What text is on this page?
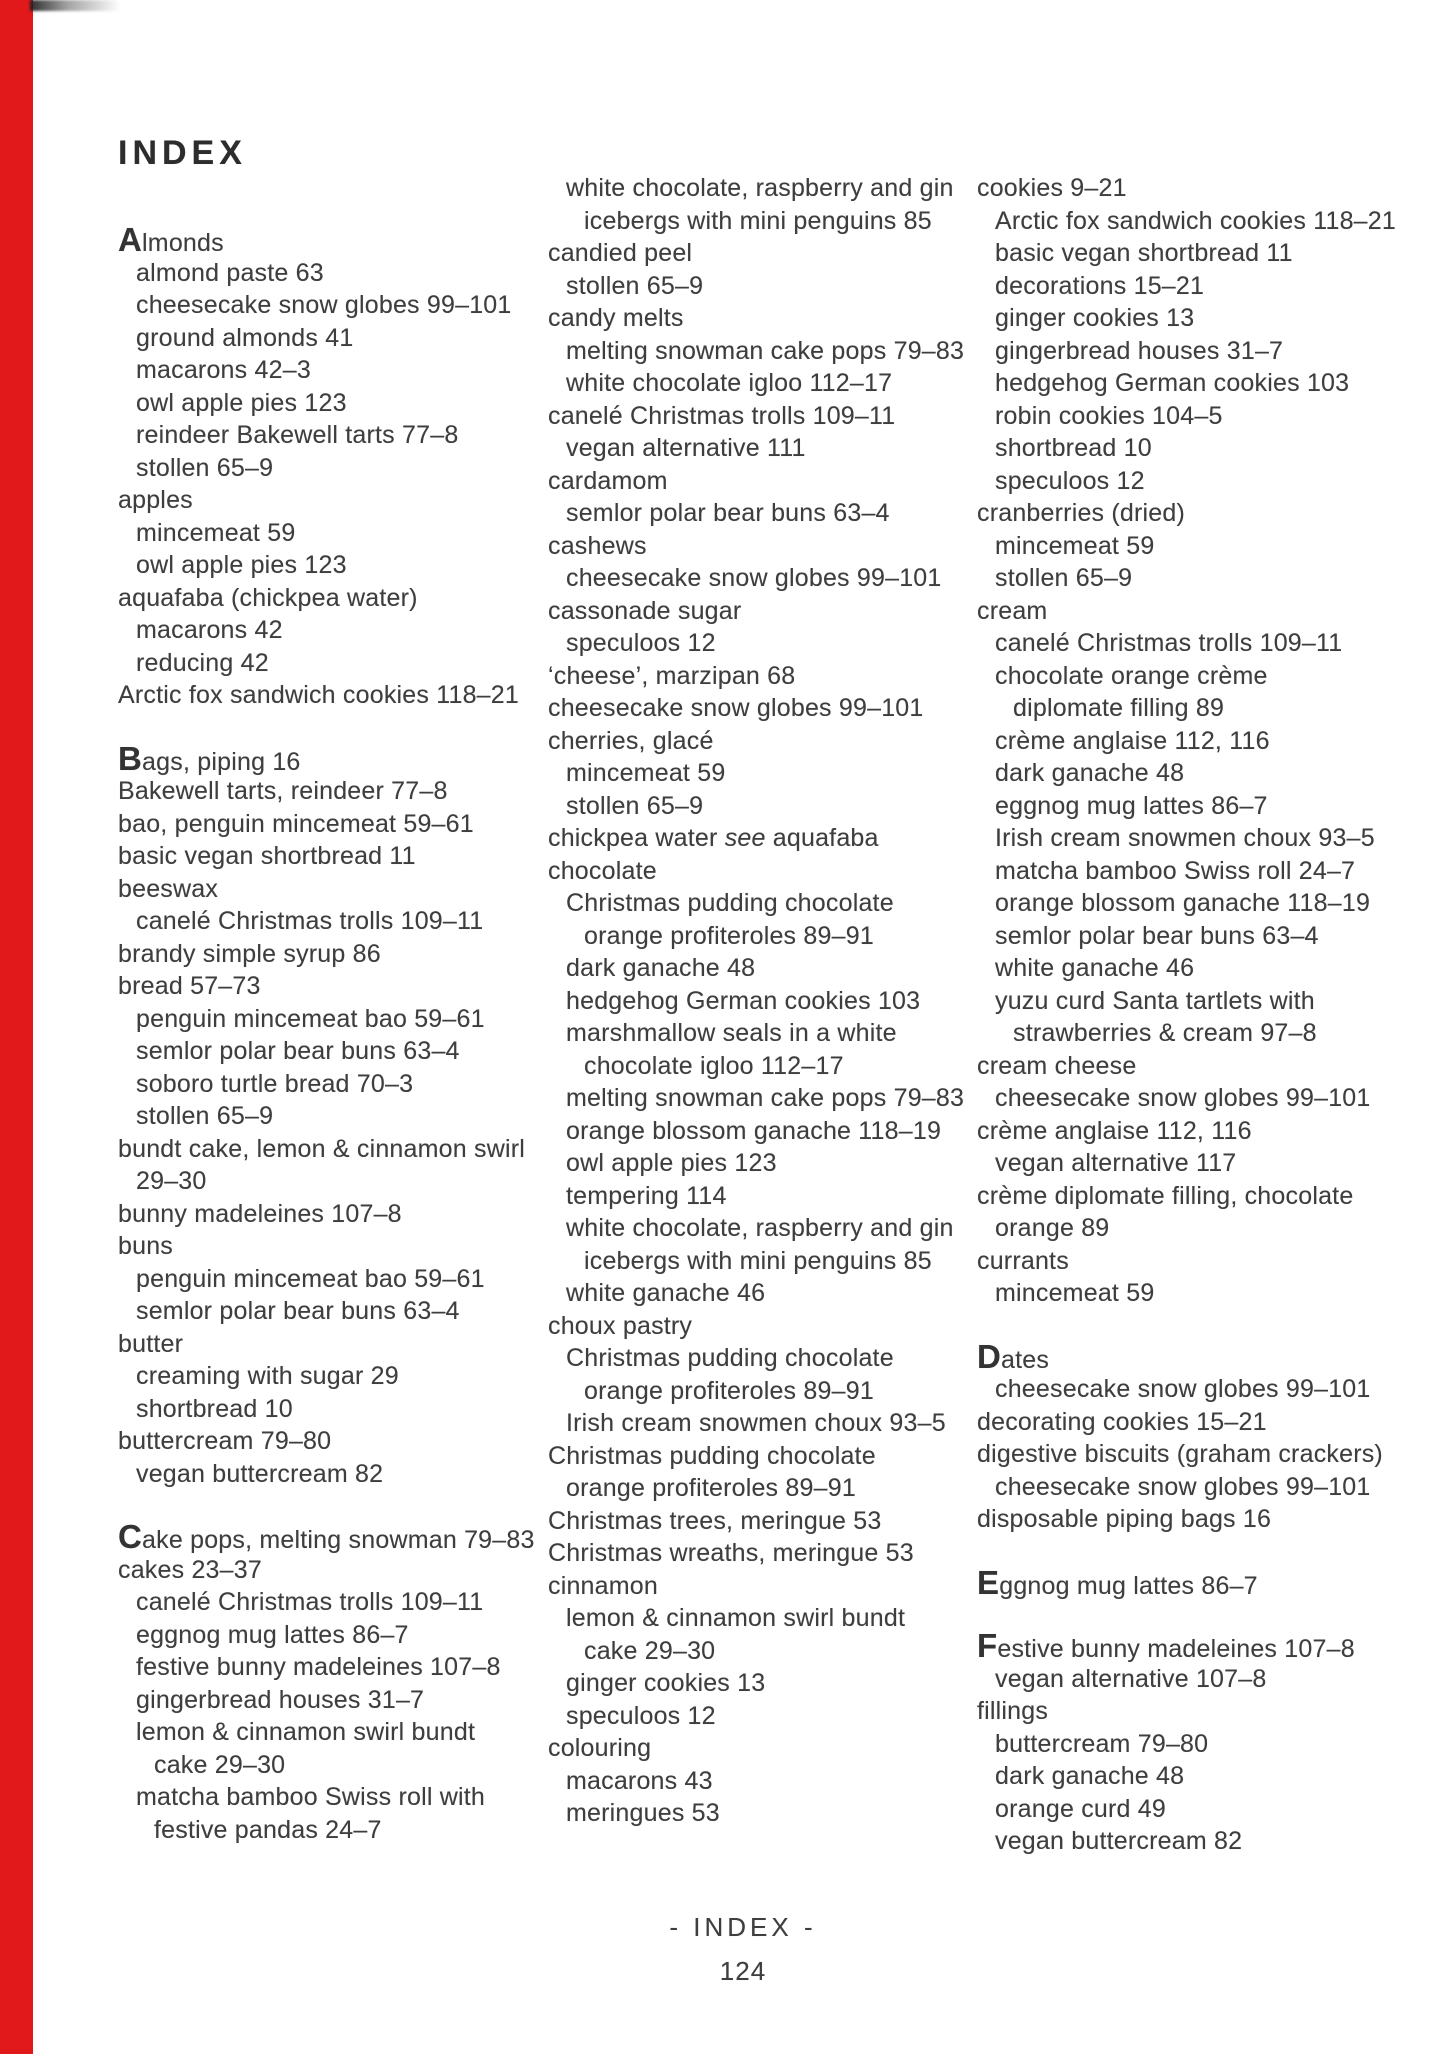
INDEX
Almonds
almond paste 63
cheesecake snow globes 99–101
ground almonds 41
macarons 42–3
owl apple pies 123
reindeer Bakewell tarts 77–8
stollen 65–9
apples
mincemeat 59
owl apple pies 123
aquafaba (chickpea water)
macarons 42
reducing 42
Arctic fox sandwich cookies 118–21
Bags, piping 16
Bakewell tarts, reindeer 77–8
bao, penguin mincemeat 59–61
basic vegan shortbread 11
beeswax
canelé Christmas trolls 109–11
brandy simple syrup 86
bread 57–73
penguin mincemeat bao 59–61
semlor polar bear buns 63–4
soboro turtle bread 70–3
stollen 65–9
bundt cake, lemon & cinnamon swirl
29–30
bunny madeleines 107–8
buns
penguin mincemeat bao 59–61
semlor polar bear buns 63–4
butter
creaming with sugar 29
shortbread 10
buttercream 79–80
vegan buttercream 82
Cake pops, melting snowman 79–83
cakes 23–37
canelé Christmas trolls 109–11
eggnog mug lattes 86–7
festive bunny madeleines 107–8
gingerbread houses 31–7
lemon & cinnamon swirl bundt
cake 29–30
matcha bamboo Swiss roll with
festive pandas 24–7
white chocolate, raspberry and gin
icebergs with mini penguins 85
candied peel
stollen 65–9
candy melts
melting snowman cake pops 79–83
white chocolate igloo 112–17
canelé Christmas trolls 109–11
vegan alternative 111
cardamom
semlor polar bear buns 63–4
cashews
cheesecake snow globes 99–101
cassonade sugar
speculoos 12
‘cheese’, marzipan 68
cheesecake snow globes 99–101
cherries, glacé
mincemeat 59
stollen 65–9
chickpea water see aquafaba
chocolate
Christmas pudding chocolate
orange profiteroles 89–91
dark ganache 48
hedgehog German cookies 103
marshmallow seals in a white
chocolate igloo 112–17
melting snowman cake pops 79–83
orange blossom ganache 118–19
owl apple pies 123
tempering 114
white chocolate, raspberry and gin
icebergs with mini penguins 85
white ganache 46
choux pastry
Christmas pudding chocolate
orange profiteroles 89–91
Irish cream snowmen choux 93–5
Christmas pudding chocolate
orange profiteroles 89–91
Christmas trees, meringue 53
Christmas wreaths, meringue 53
cinnamon
lemon & cinnamon swirl bundt
cake 29–30
ginger cookies 13
speculoos 12
colouring
macarons 43
meringues 53
cookies 9–21
Arctic fox sandwich cookies 118–21
basic vegan shortbread 11
decorations 15–21
ginger cookies 13
gingerbread houses 31–7
hedgehog German cookies 103
robin cookies 104–5
shortbread 10
speculoos 12
cranberries (dried)
mincemeat 59
stollen 65–9
cream
canelé Christmas trolls 109–11
chocolate orange crème
diplomate filling 89
crème anglaise 112, 116
dark ganache 48
eggnog mug lattes 86–7
Irish cream snowmen choux 93–5
matcha bamboo Swiss roll 24–7
orange blossom ganache 118–19
semlor polar bear buns 63–4
white ganache 46
yuzu curd Santa tartlets with
strawberries & cream 97–8
cream cheese
cheesecake snow globes 99–101
crème anglaise 112, 116
vegan alternative 117
crème diplomate filling, chocolate
orange 89
currants
mincemeat 59
Dates
cheesecake snow globes 99–101
decorating cookies 15–21
digestive biscuits (graham crackers)
cheesecake snow globes 99–101
disposable piping bags 16
Eggnog mug lattes 86–7
Festive bunny madeleines 107–8
vegan alternative 107–8
fillings
buttercream 79–80
dark ganache 48
orange curd 49
vegan buttercream 82
- INDEX -
124
